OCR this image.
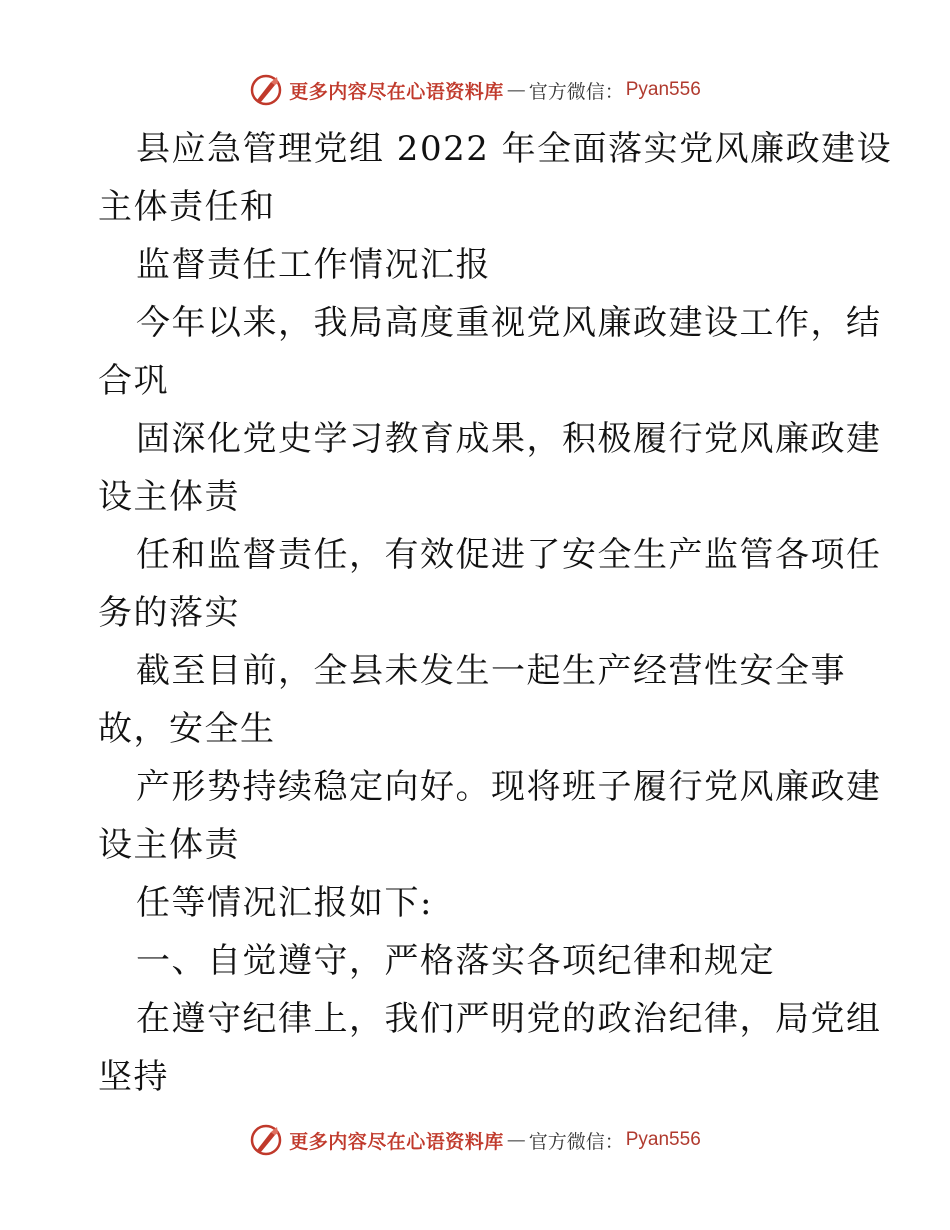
更多内容尽在心语资料库 — 官方微信： Pyan556
县应急管理党组 2022 年全面落实党风廉政建设
主体责任和
监督责任工作情况汇报
今年以来，我局高度重视党风廉政建设工作，结
合巩
固深化党史学习教育成果，积极履行党风廉政建
设主体责
任和监督责任，有效促进了安全生产监管各项任
务的落实
截至目前，全县未发生一起生产经营性安全事
故，安全生
产形势持续稳定向好。现将班子履行党风廉政建
设主体责
任等情况汇报如下:
一、自觉遵守，严格落实各项纪律和规定
在遵守纪律上，我们严明党的政治纪律，局党组
坚持
更多内容尽在心语资料库 — 官方微信： Pyan556
